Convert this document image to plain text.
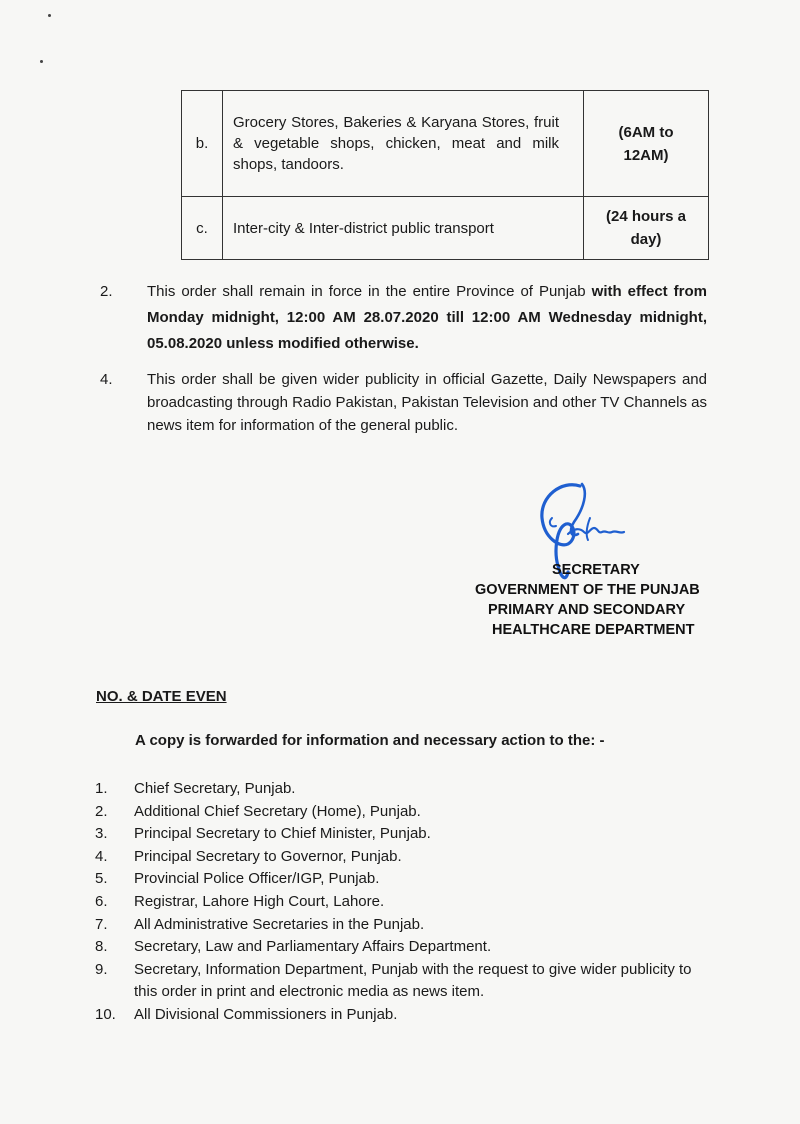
b.	Grocery Stores, Bakeries & Karyana Stores, fruit & vegetable shops, chicken, meat and milk shops, tandoors.	(6AM to
12AM)

c.	Inter-city & Inter-district public transport	(24 hours a
day)
2. This order shall remain in force in the entire Province of Punjab with effect from Monday midnight, 12:00 AM 28.07.2020 till 12:00 AM Wednesday midnight, 05.08.2020 unless modified otherwise.
4. This order shall be given wider publicity in official Gazette, Daily Newspapers and broadcasting through Radio Pakistan, Pakistan Television and other TV Channels as news item for information of the general public.
SECRETARY
GOVERNMENT OF THE PUNJAB
PRIMARY AND SECONDARY
HEALTHCARE DEPARTMENT
NO. & DATE EVEN
A copy is forwarded for information and necessary action to the: -
1. Chief Secretary, Punjab.
2. Additional Chief Secretary (Home), Punjab.
3. Principal Secretary to Chief Minister, Punjab.
4. Principal Secretary to Governor, Punjab.
5. Provincial Police Officer/IGP, Punjab.
6. Registrar, Lahore High Court, Lahore.
7. All Administrative Secretaries in the Punjab.
8. Secretary, Law and Parliamentary Affairs Department.
9. Secretary, Information Department, Punjab with the request to give wider publicity to this order in print and electronic media as news item.
10. All Divisional Commissioners in Punjab.
